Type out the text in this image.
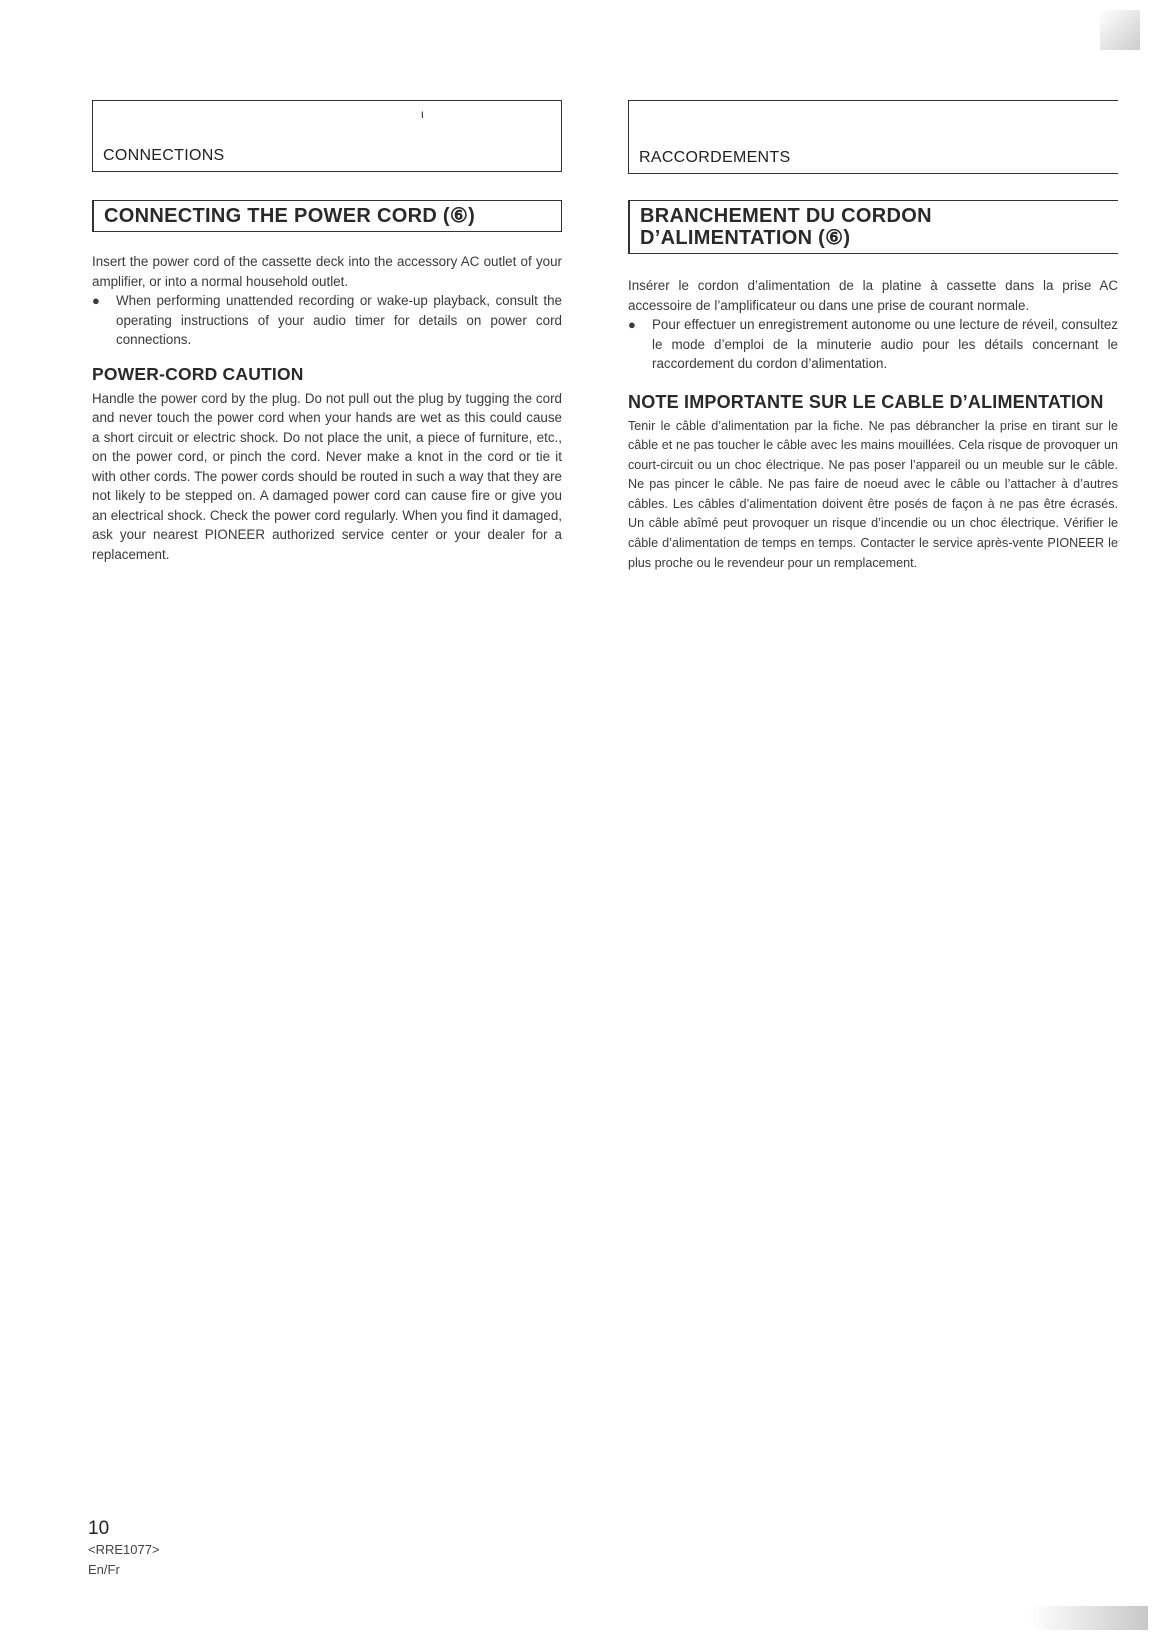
ι
CONNECTIONS
CONNECTING THE POWER CORD (⑥)

Insert the power cord of the cassette deck into the accessory AC outlet of your amplifier, or into a normal household outlet.

● When performing unattended recording or wake-up playback, consult the operating instructions of your audio timer for details on power cord connections.
POWER-CORD CAUTION

Handle the power cord by the plug. Do not pull out the plug by tugging the cord and never touch the power cord when your hands are wet as this could cause a short circuit or electric shock. Do not place the unit, a piece of furniture, etc., on the power cord, or pinch the cord. Never make a knot in the cord or tie it with other cords. The power cords should be routed in such a way that they are not likely to be stepped on. A damaged power cord can cause fire or give you an electrical shock. Check the power cord regularly. When you find it damaged, ask your nearest PIONEER authorized service center or your dealer for a replacement.

RACCORDEMENTS
BRANCHEMENT DU CORDON
D’ALIMENTATION (⑥)

Insérer le cordon d’alimentation de la platine à cassette dans la prise AC accessoire de l’amplificateur ou dans une prise de courant normale.

● Pour effectuer un enregistrement autonome ou une lecture de réveil, consultez le mode d’emploi de la minuterie audio pour les détails concernant le raccordement du cordon d’alimentation.
NOTE IMPORTANTE SUR LE CABLE D’ALIMENTATION

Tenir le câble d’alimentation par la fiche. Ne pas débrancher la prise en tirant sur le câble et ne pas toucher le câble avec les mains mouillées. Cela risque de provoquer un court-circuit ou un choc électrique. Ne pas poser l’appareil ou un meuble sur le câble. Ne pas pincer le câble. Ne pas faire de noeud avec le câble ou l’attacher à d’autres câbles. Les câbles d’alimentation doivent être posés de façon à ne pas être écrasés. Un câble abîmé peut provoquer un risque d’incendie ou un choc électrique. Vérifier le câble d’alimentation de temps en temps. Contacter le service après-vente PIONEER le plus proche ou le revendeur pour un remplacement.

10
<RRE1077>
En/Fr
